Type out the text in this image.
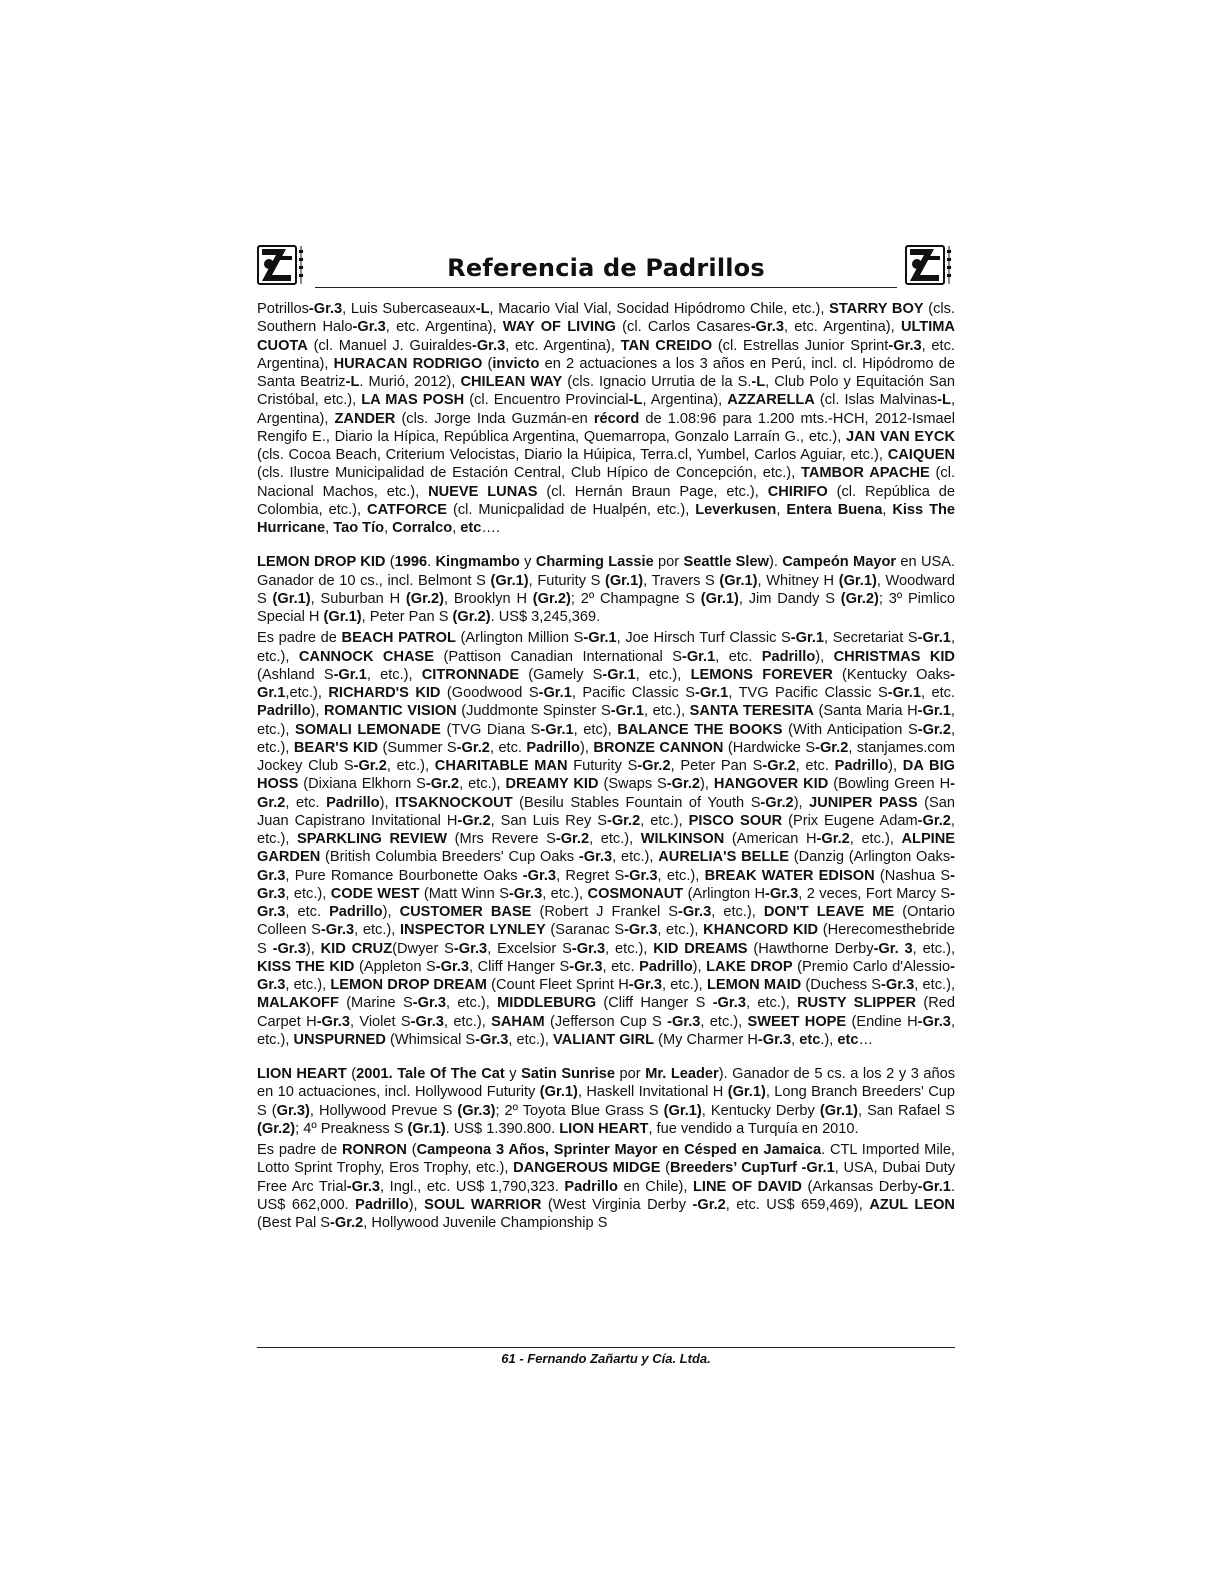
Referencia de Padrillos

Potrillos-Gr.3, Luis Subercaseaux-L, Macario Vial Vial, Socidad Hipódromo Chile, etc.), STARRY BOY (cls. Southern Halo-Gr.3, etc. Argentina), WAY OF LIVING (cl. Carlos Casares-Gr.3, etc. Argentina), ULTIMA CUOTA (cl. Manuel J. Guiraldes-Gr.3, etc. Argentina), TAN CREIDO (cl. Estrellas Junior Sprint-Gr.3, etc. Argentina), HURACAN RODRIGO (invicto en 2 actuaciones a los 3 años en Perú, incl. cl. Hipódromo de Santa Beatriz-L. Murió, 2012), CHILEAN WAY (cls. Ignacio Urrutia de la S.-L, Club Polo y Equitación San Cristóbal, etc.), LA MAS POSH (cl. Encuentro Provincial-L, Argentina), AZZARELLA (cl. Islas Malvinas-L, Argentina), ZANDER (cls. Jorge Inda Guzmán-en récord de 1.08:96 para 1.200 mts.-HCH, 2012-Ismael Rengifo E., Diario la Hípica, República Argentina, Quemarropa, Gonzalo Larraín G., etc.), JAN VAN EYCK (cls. Cocoa Beach, Criterium Velocistas, Diario la Húipica, Terra.cl, Yumbel, Carlos Aguiar, etc.), CAIQUEN (cls. Ilustre Municipalidad de Estación Central, Club Hípico de Concepción, etc.), TAMBOR APACHE (cl. Nacional Machos, etc.), NUEVE LUNAS (cl. Hernán Braun Page, etc.), CHIRIFO (cl. República de Colombia, etc.), CATFORCE (cl. Municpalidad de Hualpén, etc.), Leverkusen, Entera Buena, Kiss The Hurricane, Tao Tío, Corralco, etc….

LEMON DROP KID (1996. Kingmambo y Charming Lassie por Seattle Slew). Campeón Mayor en USA. Ganador de 10 cs., incl. Belmont S (Gr.1), Futurity S (Gr.1), Travers S (Gr.1), Whitney H (Gr.1), Woodward S (Gr.1), Suburban H (Gr.2), Brooklyn H (Gr.2); 2º Champagne S (Gr.1), Jim Dandy S (Gr.2); 3º Pimlico Special H (Gr.1), Peter Pan S (Gr.2). US$ 3,245,369.

Es padre de BEACH PATROL (Arlington Million S-Gr.1, Joe Hirsch Turf Classic S-Gr.1, Secretariat S-Gr.1, etc.), CANNOCK CHASE (Pattison Canadian International S-Gr.1, etc. Padrillo), CHRISTMAS KID (Ashland S-Gr.1, etc.), CITRONNADE (Gamely S-Gr.1, etc.), LEMONS FOREVER (Kentucky Oaks-Gr.1,etc.), RICHARD'S KID (Goodwood S-Gr.1, Pacific Classic S-Gr.1, TVG Pacific Classic S-Gr.1, etc. Padrillo), ROMANTIC VISION (Juddmonte Spinster S-Gr.1, etc.), SANTA TERESITA (Santa Maria H-Gr.1, etc.), SOMALI LEMONADE (TVG Diana S-Gr.1, etc), BALANCE THE BOOKS (With Anticipation S-Gr.2, etc.), BEAR'S KID (Summer S-Gr.2, etc. Padrillo), BRONZE CANNON (Hardwicke S-Gr.2, stanjames.com Jockey Club S-Gr.2, etc.), CHARITABLE MAN Futurity S-Gr.2, Peter Pan S-Gr.2, etc. Padrillo), DA BIG HOSS (Dixiana Elkhorn S-Gr.2, etc.), DREAMY KID (Swaps S-Gr.2), HANGOVER KID (Bowling Green H-Gr.2, etc. Padrillo), ITSAKNOCKOUT (Besilu Stables Fountain of Youth S-Gr.2), JUNIPER PASS (San Juan Capistrano Invitational H-Gr.2, San Luis Rey S-Gr.2, etc.), PISCO SOUR (Prix Eugene Adam-Gr.2, etc.), SPARKLING REVIEW (Mrs Revere S-Gr.2, etc.), WILKINSON (American H-Gr.2, etc.), ALPINE GARDEN (British Columbia Breeders' Cup Oaks -Gr.3, etc.), AURELIA'S BELLE (Danzig (Arlington Oaks-Gr.3, Pure Romance Bourbonette Oaks -Gr.3, Regret S-Gr.3, etc.), BREAK WATER EDISON (Nashua S-Gr.3, etc.), CODE WEST (Matt Winn S-Gr.3, etc.), COSMONAUT (Arlington H-Gr.3, 2 veces, Fort Marcy S-Gr.3, etc. Padrillo), CUSTOMER BASE (Robert J Frankel S-Gr.3, etc.), DON'T LEAVE ME (Ontario Colleen S-Gr.3, etc.), INSPECTOR LYNLEY (Saranac S-Gr.3, etc.), KHANCORD KID (Herecomesthebride S -Gr.3), KID CRUZ(Dwyer S-Gr.3, Excelsior S-Gr.3, etc.), KID DREAMS (Hawthorne Derby-Gr. 3, etc.), KISS THE KID (Appleton S-Gr.3, Cliff Hanger S-Gr.3, etc. Padrillo), LAKE DROP (Premio Carlo d'Alessio-Gr.3, etc.), LEMON DROP DREAM (Count Fleet Sprint H-Gr.3, etc.), LEMON MAID (Duchess S-Gr.3, etc.), MALAKOFF (Marine S-Gr.3, etc.), MIDDLEBURG (Cliff Hanger S -Gr.3, etc.), RUSTY SLIPPER (Red Carpet H-Gr.3, Violet S-Gr.3, etc.), SAHAM (Jefferson Cup S -Gr.3, etc.), SWEET HOPE (Endine H-Gr.3, etc.), UNSPURNED (Whimsical S-Gr.3, etc.), VALIANT GIRL (My Charmer H-Gr.3, etc.), etc…

LION HEART (2001. Tale Of The Cat y Satin Sunrise por Mr. Leader). Ganador de 5 cs. a los 2 y 3 años en 10 actuaciones, incl. Hollywood Futurity (Gr.1), Haskell Invitational H (Gr.1), Long Branch Breeders' Cup S (Gr.3), Hollywood Prevue S (Gr.3); 2º Toyota Blue Grass S (Gr.1), Kentucky Derby (Gr.1), San Rafael S (Gr.2); 4º Preakness S (Gr.1). US$ 1.390.800. LION HEART, fue vendido a Turquía en 2010.

Es padre de RONRON (Campeona 3 Años, Sprinter Mayor en Césped en Jamaica. CTL Imported Mile, Lotto Sprint Trophy, Eros Trophy, etc.), DANGEROUS MIDGE (Breeders’ CupTurf -Gr.1, USA, Dubai Duty Free Arc Trial-Gr.3, Ingl., etc. US$ 1,790,323. Padrillo en Chile), LINE OF DAVID (Arkansas Derby-Gr.1. US$ 662,000. Padrillo), SOUL WARRIOR (West Virginia Derby -Gr.2, etc. US$ 659,469), AZUL LEON (Best Pal S-Gr.2, Hollywood Juvenile Championship S

61 - Fernando Zañartu y Cía. Ltda.
